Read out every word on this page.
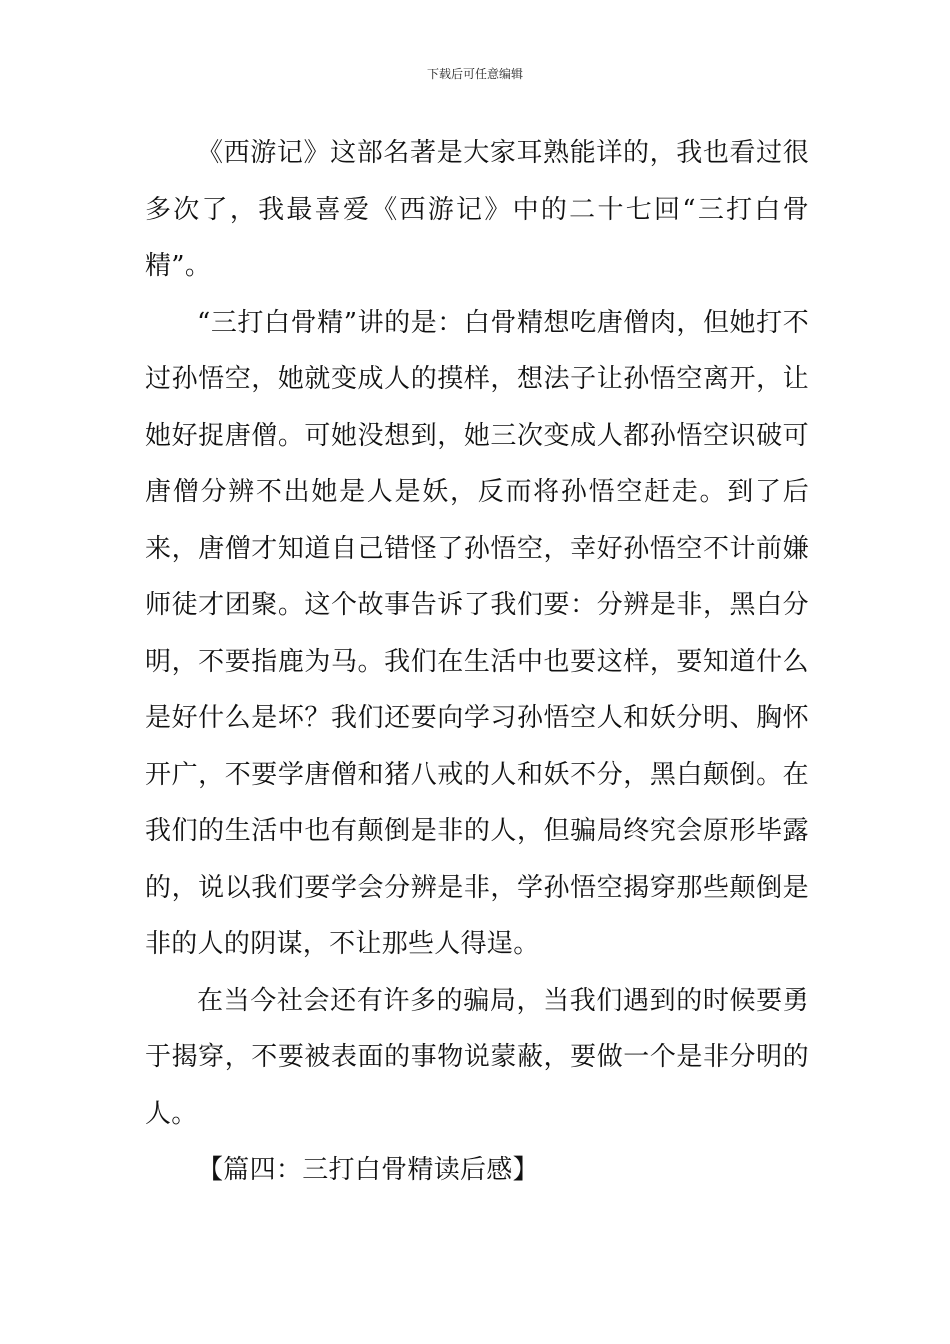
下载后可任意编辑

《西游记》这部名著是大家耳熟能详的，我也看过很多次了，我最喜爱《西游记》中的二十七回“三打白骨精”。

“三打白骨精”讲的是：白骨精想吃唐僧肉，但她打不过孙悟空，她就变成人的摸样，想法子让孙悟空离开，让她好捉唐僧。可她没想到，她三次变成人都孙悟空识破可唐僧分辨不出她是人是妖，反而将孙悟空赶走。到了后来，唐僧才知道自己错怪了孙悟空，幸好孙悟空不计前嫌师徒才团聚。这个故事告诉了我们要：分辨是非，黑白分明，不要指鹿为马。我们在生活中也要这样，要知道什么是好什么是坏？我们还要向学习孙悟空人和妖分明、胸怀开广，不要学唐僧和猪八戒的人和妖不分，黑白颠倒。在我们的生活中也有颠倒是非的人，但骗局终究会原形毕露的，说以我们要学会分辨是非，学孙悟空揭穿那些颠倒是非的人的阴谋，不让那些人得逞。

在当今社会还有许多的骗局，当我们遇到的时候要勇于揭穿，不要被表面的事物说蒙蔽，要做一个是非分明的人。

【篇四：三打白骨精读后感】
